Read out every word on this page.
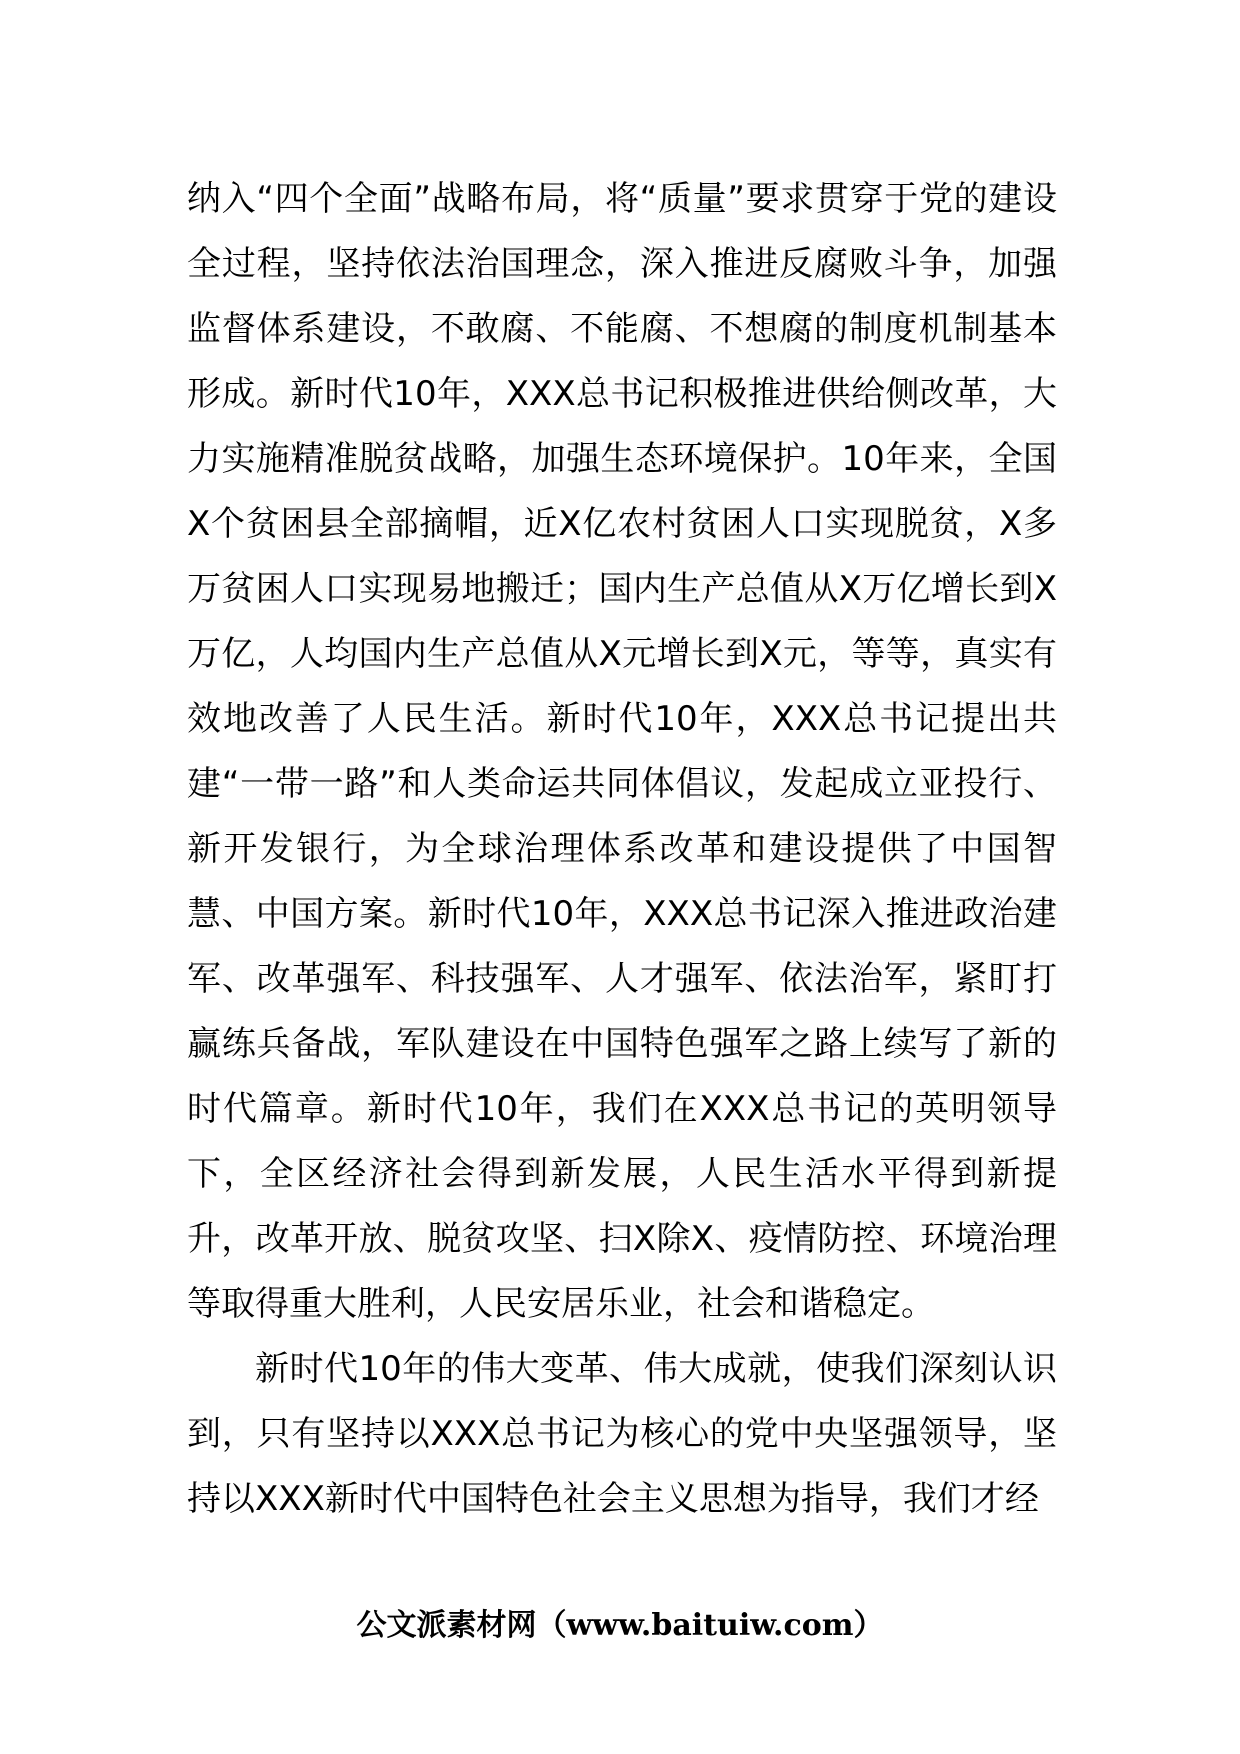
纳入“四个全面”战略布局，将“质量”要求贯穿于党的建设全过程，坚持依法治国理念，深入推进反腐败斗争，加强监督体系建设，不敢腐、不能腐、不想腐的制度机制基本形成。新时代10年，XXX总书记积极推进供给侧改革，大力实施精准脱贫战略，加强生态环境保护。10年来，全国X个贫困县全部摘帽，近X亿农村贫困人口实现脱贫，X多万贫困人口实现易地搬迁；国内生产总值从X万亿增长到X万亿，人均国内生产总值从X元增长到X元，等等，真实有效地改善了人民生活。新时代10年，XXX总书记提出共建“一带一路”和人类命运共同体倡议，发起成立亚投行、新开发银行，为全球治理体系改革和建设提供了中国智慧、中国方案。新时代10年，XXX总书记深入推进政治建军、改革强军、科技强军、人才强军、依法治军，紧盯打赢练兵备战，军队建设在中国特色强军之路上续写了新的时代篇章。新时代10年，我们在XXX总书记的英明领导下，全区经济社会得到新发展，人民生活水平得到新提升，改革开放、脱贫攻坚、扫X除X、疫情防控、环境治理等取得重大胜利，人民安居乐业，社会和谐稳定。

新时代10年的伟大变革、伟大成就，使我们深刻认识到，只有坚持以XXX总书记为核心的党中央坚强领导，坚持以XXX新时代中国特色社会主义思想为指导，我们才经

公文派素材网（www.baituiw.com）
